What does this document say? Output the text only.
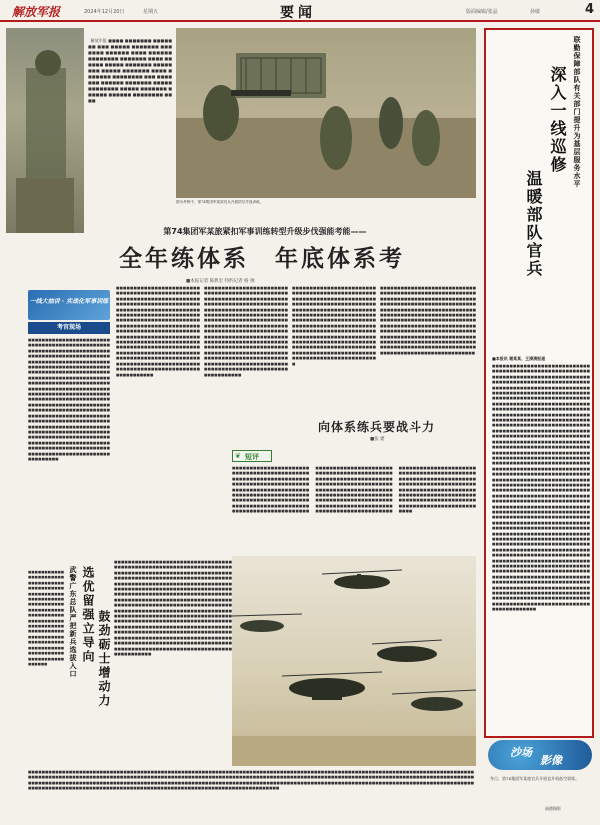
解放军报	2024年12月20日	星期五	要闻	版面编辑/张晶	孙敏	4
解放军报 ■■■■ ■■■■■■■ ■■■■■■■ ■■■ ■■■■■ ■■■■■■■ ■■■■■■■ ■■■■■■ ■■■■ ■■■■■■ ■■■■■■■■ ■■■■■■■ ■■■■ ■■■■■■ ■■■■■ ■■■■■■■ ■■■■■■■■ ■■■■■ ■■■■■■■ ■■■■ ■■■■■■■ ■■■■■■■■ ■■■ ■■■■■■■ ■■■■■■ ■■■■■■■ ■■■■■ ■■■■■■■■ ■■■■■ ■■■■■■■ ■■■■■■ ■■■■■■ ■■■■■■■■ ■■■■
图为考核中，第74集团军某旅官兵开展防空作战训练。
第74集团军某旅紧扣军事训练转型升级步伐强能考能——
全年练体系　年底体系考
■本报记者 陈典宏 特约记者 杨 帅
一线大抽讲 · 实战化军事训练
考官现场
■■■■■■■■■■■■■■■■■■■■■■■■■■■■■■■■■■■■■■■■■■■■■■■■■■■■■■■■■■■■■■■■■■■■■■■■■■■■■■■■■■■■■■■■■■■■■■■■■■■■■■■■■■■■■■■■■■■■■■■■■■■■■■■■■■■■■■■■■■■■■■■■■■■■■■■■■■■■■■■■■■■■■■■■■■■■■■■■■■■■■■■■■■■■■■■■■■■■■■■■■■■■■■■■■■■■■■■■■■■■■■■■■■■■■■■■■■■■■■■■■■■■■■■■■■■■■■■■■■■■■■■■■■■■■■■■■■■■■■■■■■■■■■■■■■■■■■■■■■■■■■■■■■■■■■■■■■■■■■■■■■■■■■■■■■■■■■■■■■■■■■■■■■■■■■■■■■■■■■■■■■■■■■■■■■■■■■■■■■■■■■■■■■■■■■■■■■■■■■■■■■■■■■■■■■■■■■■■■■■■■■■■■■■■■■■■■■■■■■■■■■■■■■■■■■■■■■■■■■■■■■■■■■■■■■■■■■■■■■■■■■■■■■■■■■■■■■■■■■■■■■■■■■■■■■■■■■■■■■■■■■■■■■■■■■■■■■■■■
■■■■■■■■■■■■■■■■■■■■■■■■■■■■■■■■■■■■■■■■■■■■■■■■■■■■■■■■■■■■■■■■■■■■■■■■■■■■■■■■■■■■■■■■■■■■■■■■■■■■■■■■■■■■■■■■■■■■■■■■■■■■■■■■■■■■■■■■■■■■■■■■■■■■■■■■■■■■■■■■■■■■■■■■■■■■■■■■■■■■■■■■■■■■■■■■■■■■■■■■■■■■■■■■■■■■■■■■■■■■■■■■■■■■■■■■■■■■■■■■■■■■■■■■■■■■■■■■■■■■■■■■■■■■■■■■■■■■■■■■■■■■■■■■■■■■■■■■■■■■■■■■■■■■■■■■■■■■■■■■■■■■■■■■■■■■■■■■■■■■■■■■■■■■■■■■■■■■■■■■■■■■■■■■■■■■■■■■■■■■■■■■■■■■■■■■■■■
■■■■■■■■■■■■■■■■■■■■■■■■■■■■■■■■■■■■■■■■■■■■■■■■■■■■■■■■■■■■■■■■■■■■■■■■■■■■■■■■■■■■■■■■■■■■■■■■■■■■■■■■■■■■■■■■■■■■■■■■■■■■■■■■■■■■■■■■■■■■■■■■■■■■■■■■■■■■■■■■■■■■■■■■■■■■■■■■■■■■■■■■■■■■■■■■■■■■■■■■■■■■■■■■■■■■■■■■■■■■■■■■■■■■■■■■■■■■■■■■■■■■■■■■■■■■■■■■■■■■■■■■■■■■■■■■■■■■■■■■■■■■■■■■■■■■■■■■■■■■■■■■■■■■■■■■■■■■■■■■■■■■■■■■■■■■■■■■■■■■■■■■■■■■■■■■■■■■■■■■■■■■■■■■■■■■■■■■■■■■■■■■■■■■■■■■■■■
■■■■■■■■■■■■■■■■■■■■■■■■■■■■■■■■■■■■■■■■■■■■■■■■■■■■■■■■■■■■■■■■■■■■■■■■■■■■■■■■■■■■■■■■■■■■■■■■■■■■■■■■■■■■■■■■■■■■■■■■■■■■■■■■■■■■■■■■■■■■■■■■■■■■■■■■■■■■■■■■■■■■■■■■■■■■■■■■■■■■■■■■■■■■■■■■■■■■■■■■■■■■■■■■■■■■■■■■■■■■■■■■■■■■■■■■■■■■■■■■■■■■■■■■■■■■■■■■■■■■■■■■■■■■■■■■■■■■■■■■■■■■■■■■■■■■■■■■■■■■■■■■■■■■■■■■■■■■■■■■■■■■■■■■■■■■■■■■■
■■■■■■■■■■■■■■■■■■■■■■■■■■■■■■■■■■■■■■■■■■■■■■■■■■■■■■■■■■■■■■■■■■■■■■■■■■■■■■■■■■■■■■■■■■■■■■■■■■■■■■■■■■■■■■■■■■■■■■■■■■■■■■■■■■■■■■■■■■■■■■■■■■■■■■■■■■■■■■■■■■■■■■■■■■■■■■■■■■■■■■■■■■■■■■■■■■■■■■■■■■■■■■■■■■■■■■■■■■■■■■■■■■■■■■■■■■■■■■■■■■■■■■■■■■■■■■■■■■■■■■■■■■■■■■■■■■■■■■■■■■■■■■■■■■■■■■■■■■■■■■■■■■■■■■■■■■■■■■■■■■■■■■■■■■■■■■■■■■■■■■■■■■■■■■■■■■■■■■■■■■■■
向体系练兵要战斗力
■张 建
❦ 短评
■■■■■■■■■■■■■■■■■■■■■■■■■■■■■■■■■■■■■■■■■■■■■■■■■■■■■■■■■■■■■■■■■■■■■■■■■■■■■■■■■■■■■■■■■■■■■■■■■■■■■■■■■■■■■■■■■■■■■■■■■■■■■■■■■■■■■■■■■■■■■■■■■■■■■■■■■■■■■■■■■■■■■■■■■■■■■■■■■■■■■■■■■■■■■■■■■■■■■■■■■■■■■■■■■■■■■■■■■■■■■■■■■■■■■■■■■■■■■■■■■■■■■■■■■■■■■■■■■■■■■■■■■■■■■■■■■■■■■■■■■■■■■■■■■■■■■■■■■■■■■■■■■■■■■■■■■■■■■■■■■■■■■■■■■■■■■■■■■■■■■■■■■■■■■■■■■■■■■■■■■■■■■■■■■■■■■■■■■■■■■■■■■■■■■■■■■■■■■■■■■■■■■■■■■■■■■■■■■■■■■■■■■■■■■■■■■■■■■■■■■■■■■■■■■■■■■■■■■■■■■■■■■■■■■■■■■■■■■■■■■■■■■■■■■■■■■■■■■■■■■■■■■■■■■■■■■■■■■■■■■■■■■■■■■■■■■■■■■■■■■■■■■■■■■■■■■■■■■■■■■■■■■■■■■■■■■■■■
■■■■■■■■■■■■■■■■■■■■■■■■■■■■■■■■■■■■■■■■■■■■■■■■■■■■■■■■■■■■■■■■■■■■■■■■■■■■■■■■■■■■■■■■■■■■■■■■■■■■■■■■■■■■■■■■■■■■■■■■■■■■■■■■■■■■■■■■■■■■■■■■■■■■■■■■■■■■■■■■■■■■■■■■■■■■■■■■■■■■■■■■■■■■■■■■■	武警广东总队严把新兵选拔入口 选优留强立导向 鼓劲砺士增动力
■■■■■■■■■■■■■■■■■■■■■■■■■■■■■■■■■■■■■■■■■■■■■■■■■■■■■■■■■■■■■■■■■■■■■■■■■■■■■■■■■■■■■■■■■■■■■■■■■■■■■■■■■■■■■■■■■■■■■■■■■■■■■■■■■■■■■■■■■■■■■■■■■■■■■■■■■■■■■■■■■■■■■■■■■■■■■■■■■■■■■■■■■■■■■■■■■■■■■■■■■■■■■■■■■■■■■■■■■■■■■■■■■■■■■■■■■■■■■■■■■■■■■■■■■■■■■■■■■■■■■■■■■■■■■■■■■■■■■■■■■■■■■■■■■■■■■■■■■■■■■■■■■■■■■■■■■■■■■■■■■■■■■■■■■■■■■■■■■■■■■■■■■■■■■■■■■■■■■■■■■■■■■■■■■■■■■■■■■■■■■■■■■■■■■■■■■■■■■■■■■■■■■■■■■■■■■■■■■■■■■■■■■■■■■■■■■■■■■■■■■■■■■■■■■■■■■■■■■■■■■■■■■■■■■■■■■■■■■■■■■■■■■■■■■■■■■■■■■■■■■■■■■■■■■■■■■■■■■■■■■■■■■■■■■■■■■■■■■■■■■■■■■■■■■■■■■■■■■■■■■■■■■■■■■■■■■■■■■■■■■■■■■■■■■
■■■■■■■■■■■■■■■■■■■■■■■■■■■■■■■■■■■■■■■■■■■■■■■■■■■■■■■■■■■■■■■■■■■■■■■■■■■■■■■■■■■■■■■■■■■■■■■■■■■■■■■■■■■■■■■■■■■■■■■■■■■■■■■■■■■■■■■■■■■■■■■■■■■■■■■■■■■■■■■■■■■■■■■■■■■■■■■■■■■■■■■■■■■■■■■■■■■■■■■■■■■■■■■■■■■■■■■■■■■■■■■■■■■■■■■■■■■■■■■■■■■■■■■■■■■■■■■■■■■■■■■■■■■■■■■■■■■■■■■■■■■■■■■■■■■■■■■■■■■■■■■■■■■■■■■■■■■■■■■■■■■■■■■■■■■■■■■■■■■■■■■■■■■■■■■■■■■■■■■■■■■■■■■■■■■■■■■■■■■■■■■■■■■■■■■■■■■■■■■■■■■■■■■■■■■■■■■■■■■■■■■■■■■■■■■■■■■■■■■■■■■■■■■■■■■■■■■■■■■■■■■■■■■
联勤保障部队有关部门提升为基层服务水平
深入一线巡修
温暖部队官兵
■本报讯 谢某某、王清清报道
■■■■■■■■■■■■■■■■■■■■■■■■■■■■■■■■■■■■■■■■■■■■■■■■■■■■■■■■■■■■■■■■■■■■■■■■■■■■■■■■■■■■■■■■■■■■■■■■■■■■■■■■■■■■■■■■■■■■■■■■■■■■■■■■■■■■■■■■■■■■■■■■■■■■■■■■■■■■■■■■■■■■■■■■■■■■■■■■■■■■■■■■■■■■■■■■■■■■■■■■■■■■■■■■■■■■■■■■■■■■■■■■■■■■■■■■■■■■■■■■■■■■■■■■■■■■■■■■■■■■■■■■■■■■■■■■■■■■■■■■■■■■■■■■■■■■■■■■■■■■■■■■■■■■■■■■■■■■■■■■■■■■■■■■■■■■■■■■■■■■■■■■■■■■■■■■■■■■■■■■■■■■■■■■■■■■■■■■■■■■■■■■■■■■■■■■■■■■■■■■■■■■■■■■■■■■■■■■■■■■■■■■■■■■■■■■■■■■■■■■■■■■■■■■■■■■■■■■■■■■■■■■■■■■■■■■■■■■■■■■■■■■■■■■■■■■■■■■■■■■■■■■■■■■■■■■■■■■■■■■■■■■■■■■■■■■■■■■■■■■■■■■■■■■■■■■■■■■■■■■■■■■■■■■■■■■■■■■■■■■■■■■■■■■■■■■■■■■■■■■■■■■■■■■■■■■■■■■■■■■■■■■■■■■■■■■■■■■■■■■■■■■■■■■■■■■■■■■■■■■■■■■■■■■■■■■■■■■■■■■■■■■■■■■■■■■■■■■■■■■■■■■■■■■■■■■■■■■■■■■■■■■■■■■■■■■■■■■■■■■■■■■■■■■■■■■■■■■■■■■■■■■■■■■■■■■■■■■■■■■■■■■■■■■■■■■■■■■■■■■■■■■■■■■■■■■■■■■■■■■■■■■■■■■■■■■■■■■■■■■■■■■■■■■■■■■■■■■■■■■■■■■■■■■■■■■■■■■■■■■■■■■■■■■■■■■■■■■■■■■■■■■■■■■■■■■■■■■■■■■■■■■■■■■■■■■■■■■■■■■■■■■■■■■■■■■■■■■■■■■■■■■■■■■■■■■■■■■■■■■■■■■■■■■■■■■■■■■■■■■■■■■■■■■■■■■■■■■■■■■■■■■■■■■■■■■■■■■■■■■■■■■■■■■■■■■■■■■■■■■■■■■■■■■■■■■■■■■■■■■■■■■■■■■■■■■■■■■■■■■■■■■■■■■■■■■■■■■■■■■■■■■■■■■■■■■■■■■■■■■■■■■■■■■■■■■■■■■■■■■■■■■■■■■■■■■■■■■■■■■■■■■■■■■■■■■■■■■■■■■■■■■■■■■■■■■■■■■■■■■■■■■■■■■■■■■■■■■■■■■■■■■■■■■■■■■■■■■■■■■■■■■■■■■■■■■■
沙场
影像
冬日，第74集团军某旅官兵开展直升机低空训练。
福德摄影
